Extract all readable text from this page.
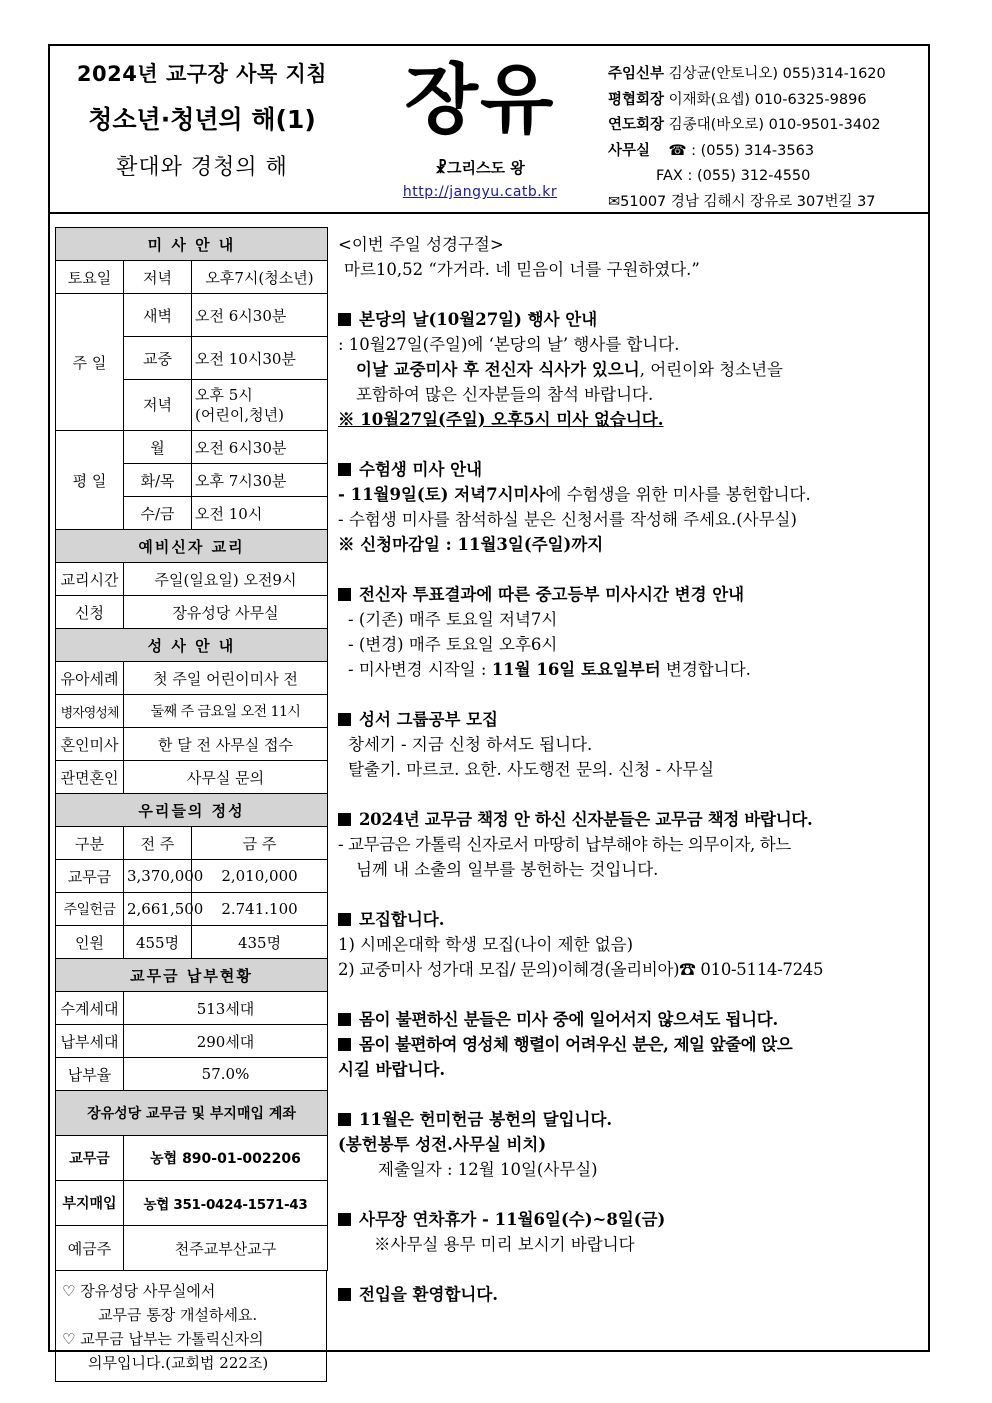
2024년 교구장 사목 지침
청소년·청년의 해(1)
환대와 경청의 해
장유
☧그리스도 왕
http://jangyu.catb.kr
주임신부 김상균(안토니오) 055)314-1620
평협회장 이재화(요셉) 010-6325-9896
연도회장 김종대(바오로) 010-9501-3402
사무실 ☎ : (055) 314-3563
FAX : (055) 312-4550
✉51007 경남 김해시 장유로 307번길 37
미 사 안 내		
토요일	저녁	오후7시(청소년)
주 일	새벽	오전 6시30분
	교중	오전 10시30분
	저녁	오후 5시
(어린이,청년)
평 일	월	오전 6시30분
	화/목	오후 7시30분
	수/금	오전 10시
예비신자 교리		
교리시간	주일(일요일) 오전9시	
신청	장유성당 사무실	
성 사 안 내		
유아세례	첫 주일 어린이미사 전	
병자영성체	둘째 주 금요일 오전 11시	
혼인미사	한 달 전 사무실 접수	
관면혼인	사무실 문의	
우리들의 정성		
구분	전 주	금 주
교무금	3,370,000	2,010,000
주일헌금	2,661,500	2.741.100
인원	455명	435명
교무금 납부현황		
수계세대	513세대	
납부세대	290세대	
납부율	57.0%	
장유성당 교무금 및 부지매입 계좌		
교무금	농협 890-01-002206	
부지매입	농협 351-0424-1571-43	
예금주	천주교부산교구	
♡ 장유성당 사무실에서
교무금 통장 개설하세요.
♡ 교무금 납부는 가톨릭신자의
의무입니다.(교회법 222조)
<이번 주일 성경구절>
마르10,52 “가거라. 네 믿음이 너를 구원하였다.”
본당의 날(10월27일) 행사 안내
: 10월27일(주일)에 ‘본당의 날’ 행사를 합니다.
이날 교중미사 후 전신자 식사가 있으니, 어린이와 청소년을
포함하여 많은 신자분들의 참석 바랍니다.
※ 10월27일(주일) 오후5시 미사 없습니다.
수험생 미사 안내
- 11월9일(토) 저녁7시미사에 수험생을 위한 미사를 봉헌합니다.
- 수험생 미사를 참석하실 분은 신청서를 작성해 주세요.(사무실)
※ 신청마감일 : 11월3일(주일)까지
전신자 투표결과에 따른 중고등부 미사시간 변경 안내
- (기존) 매주 토요일 저녁7시
- (변경) 매주 토요일 오후6시
- 미사변경 시작일 : 11월 16일 토요일부터 변경합니다.
성서 그룹공부 모집
창세기 - 지금 신청 하셔도 됩니다.
탈출기. 마르코. 요한. 사도행전 문의. 신청 - 사무실
2024년 교무금 책정 안 하신 신자분들은 교무금 책정 바랍니다.
- 교무금은 가톨릭 신자로서 마땅히 납부해야 하는 의무이자, 하느
님께 내 소출의 일부를 봉헌하는 것입니다.
모집합니다.
1) 시메온대학 학생 모집(나이 제한 없음)
2) 교중미사 성가대 모집/ 문의)이혜경(올리비아)☎ 010-5114-7245
몸이 불편하신 분들은 미사 중에 일어서지 않으셔도 됩니다.
몸이 불편하여 영성체 행렬이 어려우신 분은, 제일 앞줄에 앉으
시길 바랍니다.
11월은 헌미헌금 봉헌의 달입니다.
(봉헌봉투 성전.사무실 비치)
제출일자 : 12월 10일(사무실)
사무장 연차휴가 - 11월6일(수)~8일(금)
※사무실 용무 미리 보시기 바랍니다
전입을 환영합니다.
